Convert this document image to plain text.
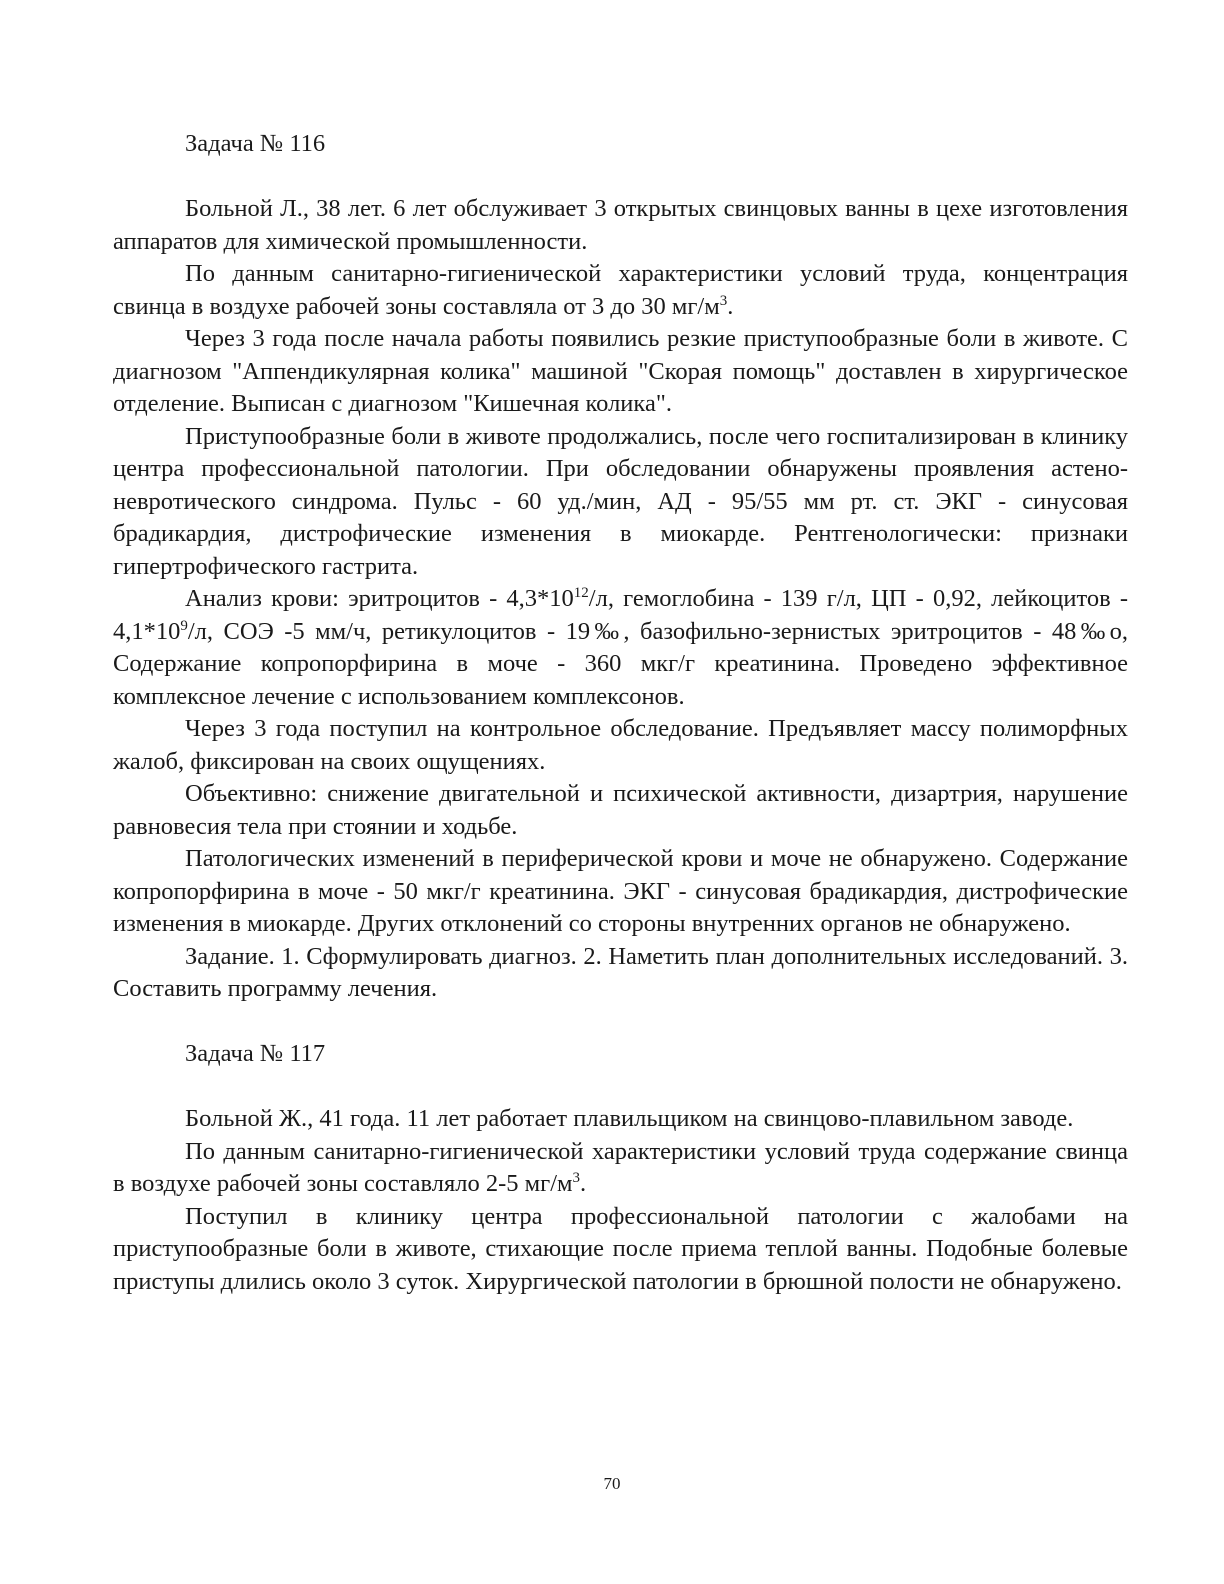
Задача № 116

Больной Л., 38 лет. 6 лет обслуживает 3 открытых свинцовых ванны в цехе изготовления аппаратов для химической промышленности.

По данным санитарно-гигиенической характеристики условий труда, концентрация свинца в воздухе рабочей зоны составляла от 3 до 30 $мг/м^3$.

Через 3 года после начала работы появились резкие приступообразные боли в животе. С диагнозом "Аппендикулярная колика" машиной "Скорая помощь" доставлен в хирургическое отделение. Выписан с диагнозом "Кишечная колика".

Приступообразные боли в животе продолжались, после чего госпитализирован в клинику центра профессиональной патологии. При обследовании обнаружены проявления астено-невротического синдрома. Пульс - 60 уд./мин, АД - 95/55 мм рт. ст. ЭКГ - синусовая брадикардия, дистрофические изменения в миокарде. Рентгенологически: признаки гипертрофического гастрита.

Анализ крови: эритроцитов - $4,3*10^{12}/л$, гемоглобина - 139 г/л, ЦП - 0,92, лейкоцитов - $4,1*10^9/л$, СОЭ -5 мм/ч, ретикулоцитов - 19‰, базофильно-зернистых эритроцитов - 48‰о, Содержание копропорфирина в моче - 360 мкг/г креатинина. Проведено эффективное комплексное лечение с использованием комплексонов.

Через 3 года поступил на контрольное обследование. Предъявляет массу полиморфных жалоб, фиксирован на своих ощущениях.

Объективно: снижение двигательной и психической активности, дизартрия, нарушение равновесия тела при стоянии и ходьбе.

Патологических изменений в периферической крови и моче не обнаружено. Содержание копропорфирина в моче - 50 мкг/г креатинина. ЭКГ - синусовая брадикардия, дистрофические изменения в миокарде. Других отклонений со стороны внутренних органов не обнаружено.

Задание. 1. Сформулировать диагноз. 2. Наметить план дополнительных исследований. 3. Составить программу лечения.

Задача № 117

Больной Ж., 41 года. 11 лет работает плавильщиком на свинцово-плавильном заводе.

По данным санитарно-гигиенической характеристики условий труда содержание свинца в воздухе рабочей зоны составляло 2-5 $мг/м^3$.

Поступил в клинику центра профессиональной патологии с жалобами на приступообразные боли в животе, стихающие после приема теплой ванны. Подобные болевые приступы длились около 3 суток. Хирургической патологии в брюшной полости не обнаружено.

70
